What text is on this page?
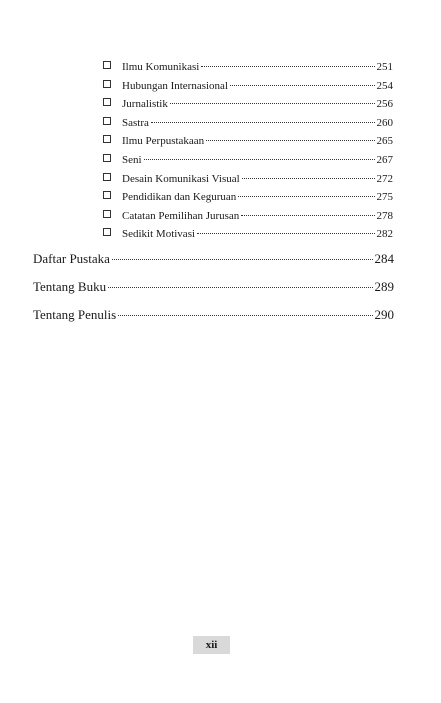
Ilmu Komunikasi	251
Hubungan Internasional	254
Jurnalistik	256
Sastra	260
Ilmu Perpustakaan	265
Seni	267
Desain Komunikasi Visual	272
Pendidikan dan Keguruan	275
Catatan Pemilihan Jurusan	278
Sedikit Motivasi	282
Daftar Pustaka	284
Tentang Buku	289
Tentang Penulis	290
xii
